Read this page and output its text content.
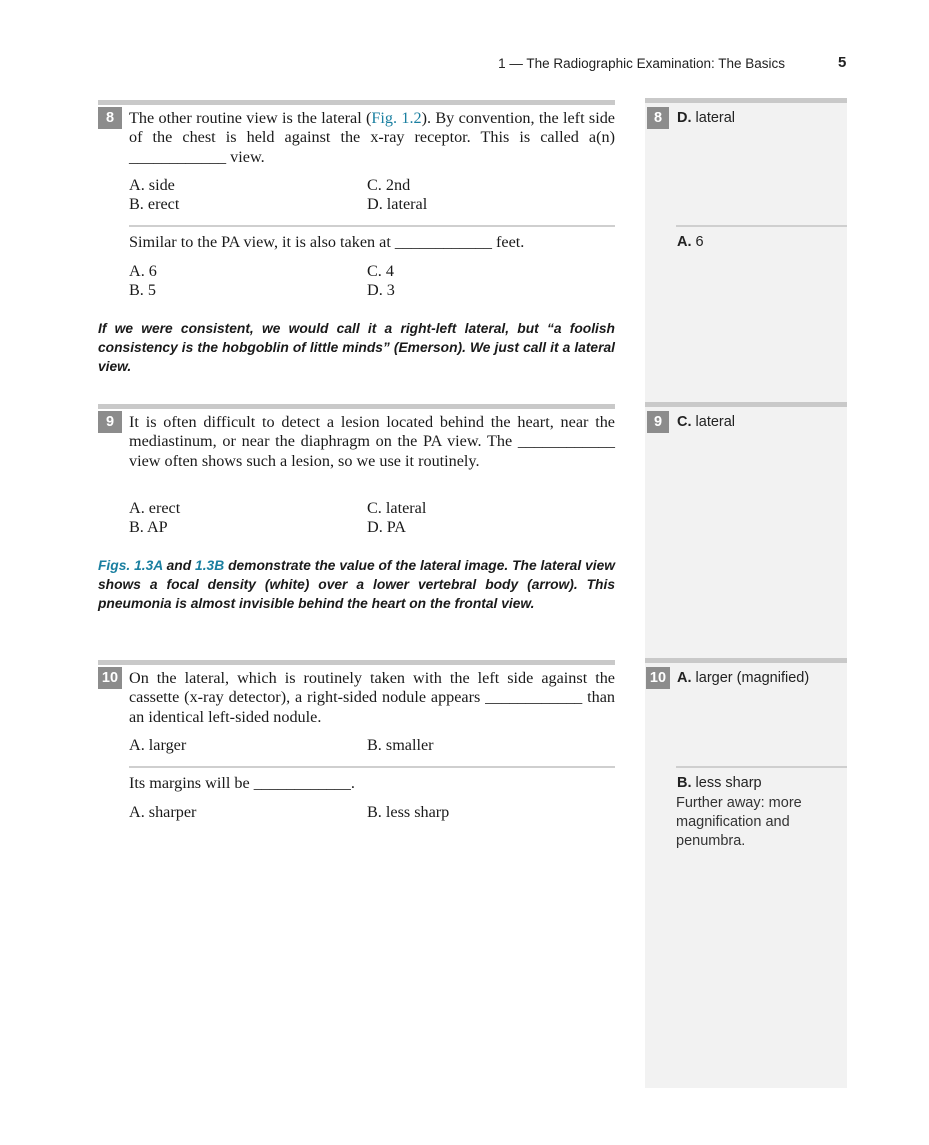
1 — The Radiographic Examination: The Basics	5
8 The other routine view is the lateral (Fig. 1.2). By convention, the left side of the chest is held against the x-ray receptor. This is called a(n) ____________ view.
A. side	C. 2nd
B. erect	D. lateral
Similar to the PA view, it is also taken at ____________ feet.
A. 6	C. 4
B. 5	D. 3
If we were consistent, we would call it a right-left lateral, but “a foolish consistency is the hobgoblin of little minds” (Emerson). We just call it a lateral view.
8	D. lateral
A. 6
9 It is often difficult to detect a lesion located behind the heart, near the mediastinum, or near the diaphragm on the PA view. The ____________ view often shows such a lesion, so we use it routinely.
A. erect	C. lateral
B. AP	D. PA
Figs. 1.3A and 1.3B demonstrate the value of the lateral image. The lateral view shows a focal density (white) over a lower vertebral body (arrow). This pneumonia is almost invisible behind the heart on the frontal view.
9	C. lateral
10 On the lateral, which is routinely taken with the left side against the cassette (x-ray detector), a right-sided nodule appears ____________ than an identical left-sided nodule.
A. larger	B. smaller
Its margins will be ____________.
A. sharper	B. less sharp
10 A. larger (magnified)
B. less sharp
Further away: more magnification and penumbra.
